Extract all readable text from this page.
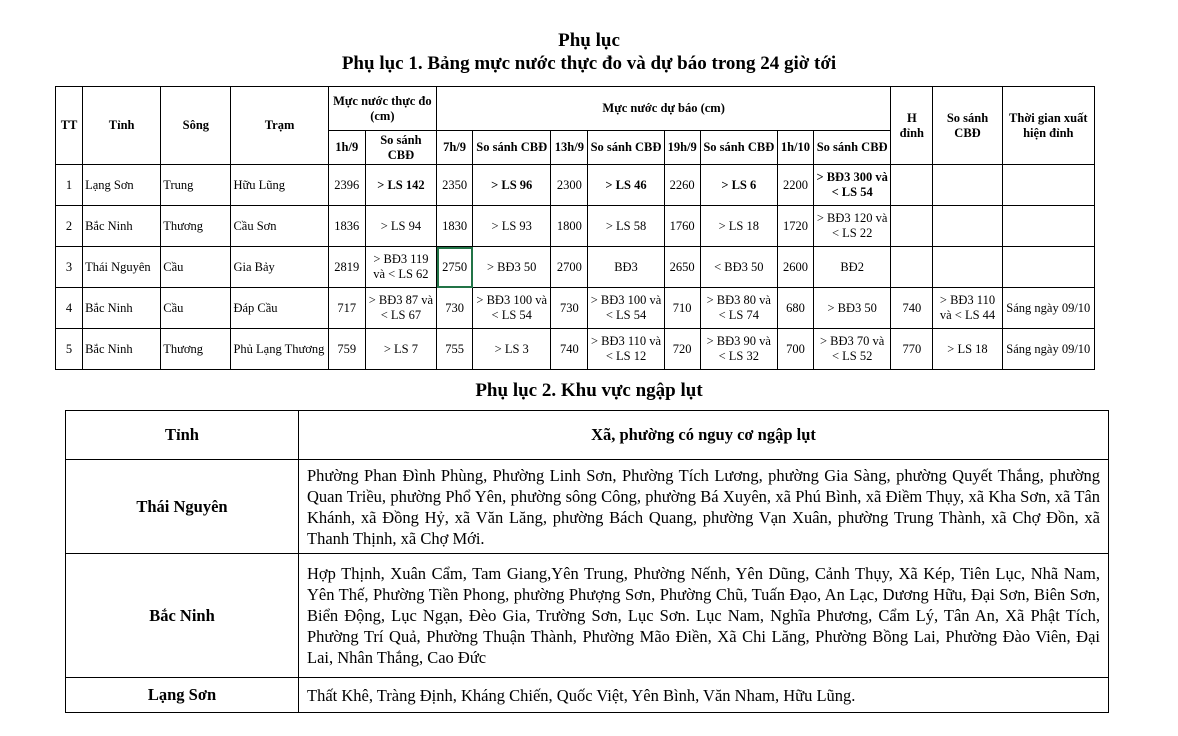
Phụ lục
Phụ lục 1. Bảng mực nước thực đo và dự báo trong 24 giờ tới
TT	Tỉnh	Sông	Trạm	Mực nước thực đo (cm)		Mực nước dự báo (cm)								H đỉnh	So sánh CBĐ	Thời gian xuất hiện đỉnh
				1h/9	So sánh CBĐ	7h/9	So sánh CBĐ	13h/9	So sánh CBĐ	19h/9	So sánh CBĐ	1h/10	So sánh CBĐ			
1	Lạng Sơn	Trung	Hữu Lũng	2396	> LS 142	2350	> LS 96	2300	> LS 46	2260	> LS 6	2200	> BĐ3 300 và < LS 54			
2	Bắc Ninh	Thương	Cầu Sơn	1836	> LS 94	1830	> LS 93	1800	> LS 58	1760	> LS 18	1720	> BĐ3 120 và < LS 22			
3	Thái Nguyên	Cầu	Gia Bảy	2819	> BĐ3 119 và < LS 62	2750	> BĐ3 50	2700	BĐ3	2650	< BĐ3 50	2600	BĐ2			
4	Bắc Ninh	Cầu	Đáp Cầu	717	> BĐ3 87 và < LS 67	730	> BĐ3 100 và < LS 54	730	> BĐ3 100 và < LS 54	710	> BĐ3 80 và < LS 74	680	> BĐ3 50	740	> BĐ3 110 và < LS 44	Sáng ngày 09/10
5	Bắc Ninh	Thương	Phủ Lạng Thương	759	> LS 7	755	> LS 3	740	> BĐ3 110 và < LS 12	720	> BĐ3 90 và < LS 32	700	> BĐ3 70 và < LS 52	770	> LS 18	Sáng ngày 09/10
Phụ lục 2. Khu vực ngập lụt
Tỉnh	Xã, phường có nguy cơ ngập lụt
Thái Nguyên	Phường Phan Đình Phùng, Phường Linh Sơn, Phường Tích Lương, phường Gia Sàng, phường Quyết Thắng, phường Quan Triều, phường Phổ Yên, phường sông Công, phường Bá Xuyên, xã Phú Bình, xã Điềm Thụy, xã Kha Sơn, xã Tân Khánh, xã Đồng Hỷ, xã Văn Lăng, phường Bách Quang, phường Vạn Xuân, phường Trung Thành, xã Chợ Đồn, xã Thanh Thịnh, xã Chợ Mới.
Bắc Ninh	Hợp Thịnh, Xuân Cẩm, Tam Giang,Yên Trung, Phường Nếnh, Yên Dũng, Cảnh Thụy, Xã Kép, Tiên Lục, Nhã Nam, Yên Thế, Phường Tiền Phong, phường Phượng Sơn, Phường Chũ, Tuấn Đạo, An Lạc, Dương Hữu, Đại Sơn, Biên Sơn, Biển Động, Lục Ngạn, Đèo Gia, Trường Sơn, Lục Sơn. Lục Nam, Nghĩa Phương, Cẩm Lý, Tân An, Xã Phật Tích, Phường Trí Quả, Phường Thuận Thành, Phường Mão Điền, Xã Chi Lăng, Phường Bồng Lai, Phường Đào Viên, Đại Lai, Nhân Thắng, Cao Đức
Lạng Sơn	Thất Khê, Tràng Định, Kháng Chiến, Quốc Việt, Yên Bình, Văn Nham, Hữu Lũng.
